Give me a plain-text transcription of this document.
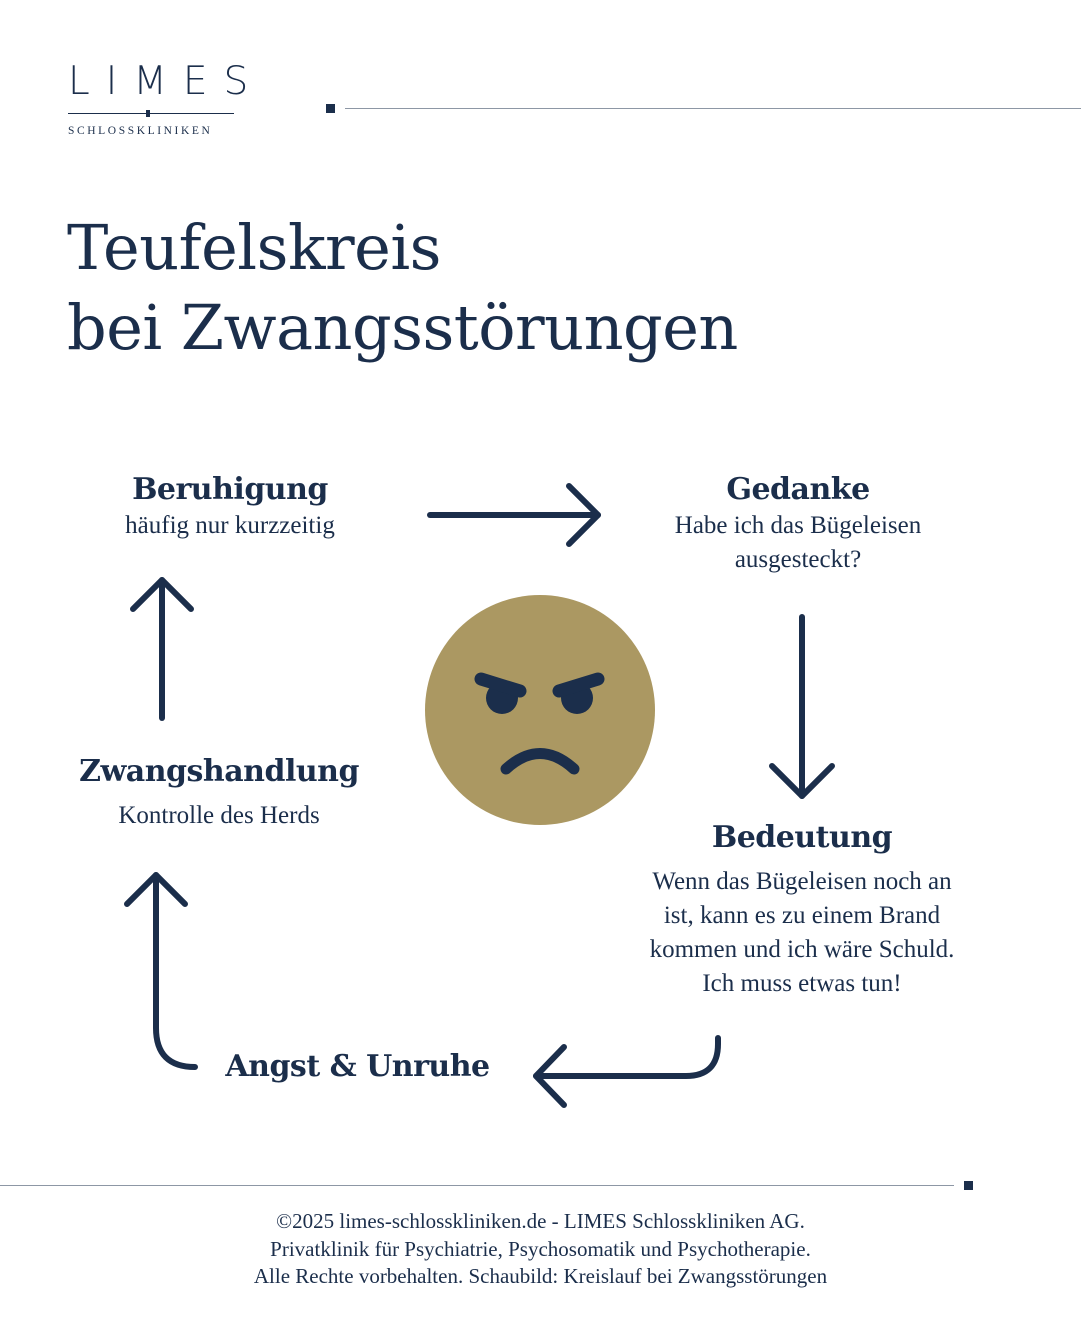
LIMES
SCHLOSSKLINIKEN
Teufelskreis
bei Zwangsstörungen
Beruhigung
häufig nur kurzzeitig
Gedanke
Habe ich das Bügeleisen
ausgesteckt?
Bedeutung
Wenn das Bügeleisen noch an
ist, kann es zu einem Brand
kommen und ich wäre Schuld.
Ich muss etwas tun!
Angst & Unruhe
Zwangshandlung
Kontrolle des Herds
©2025 limes-schlosskliniken.de - LIMES Schlosskliniken AG.
Privatklinik für Psychiatrie, Psychosomatik und Psychotherapie.
Alle Rechte vorbehalten. Schaubild: Kreislauf bei Zwangsstörungen
